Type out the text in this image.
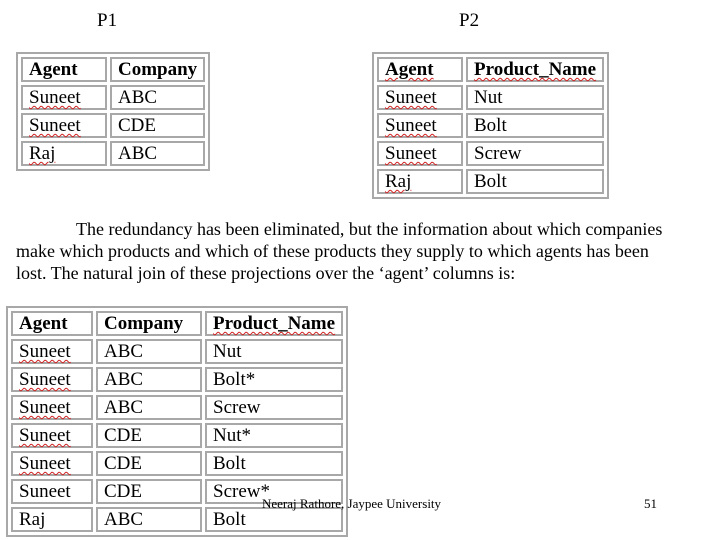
P1	P2
Agent	Company
Suneet	ABC
Suneet	CDE
Raj	ABC
Agent	Product_Name
Suneet	Nut
Suneet	Bolt
Suneet	Screw
Raj	Bolt
The redundancy has been eliminated, but the information about which companies
make which products and which of these products they supply to which agents has been
lost. The natural join of these projections over the ‘agent’ columns is:
Agent	Company	Product_Name
Suneet	ABC	Nut
Suneet	ABC	Bolt*
Suneet	ABC	Screw
Suneet	CDE	Nut*
Suneet	CDE	Bolt
Suneet	CDE	Screw*
Raj	ABC	Bolt
Neeraj Rathore, Jaypee University	51
